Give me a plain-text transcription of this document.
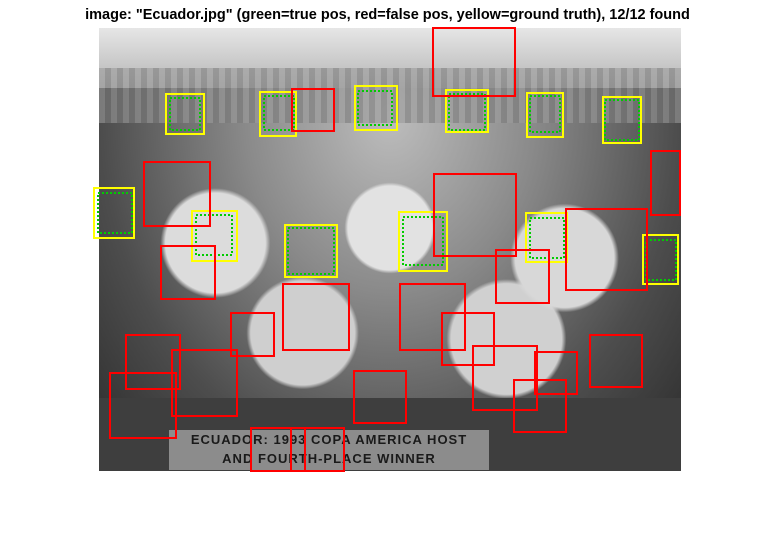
image: "Ecuador.jpg" (green=true pos, red=false pos, yellow=ground truth), 12/12 found
ECUADOR: 1993 COPA AMERICA HOST
AND FOURTH-PLACE WINNER
